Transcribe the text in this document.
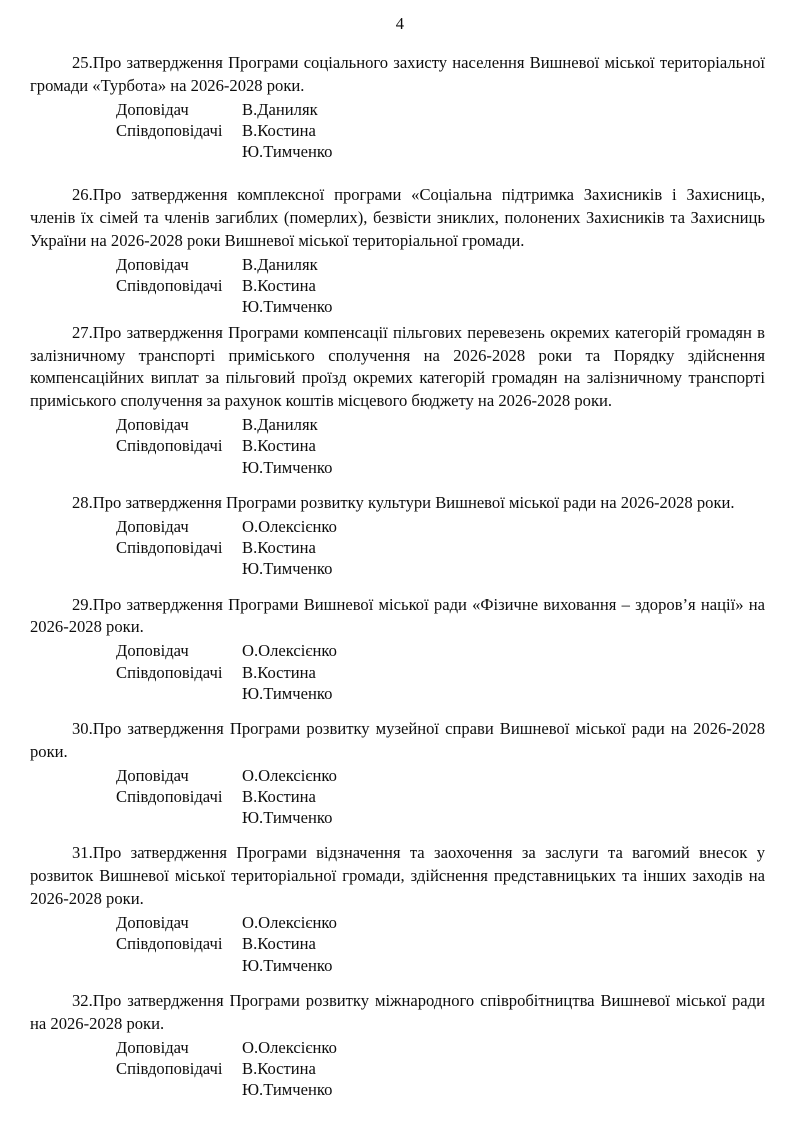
4

25.Про затвердження Програми соціального захисту населення Вишневої міської територіальної громади «Турбота» на 2026-2028 роки.

Доповідач	В.Даниляк
Співдоповідачі	В.Костина
	Ю.Тимченко

26.Про затвердження комплексної програми «Соціальна підтримка Захисників і Захисниць, членів їх сімей та членів загиблих (померлих), безвісти зниклих, полонених Захисників та Захисниць України на 2026-2028 роки Вишневої міської територіальної громади.

Доповідач	В.Даниляк
Співдоповідачі	В.Костина
	Ю.Тимченко

27.Про затвердження Програми компенсації пільгових перевезень окремих категорій громадян в залізничному транспорті приміського сполучення на 2026-2028 роки та Порядку здійснення компенсаційних виплат за пільговий проїзд окремих категорій громадян на залізничному транспорті приміського сполучення за рахунок коштів місцевого бюджету на 2026-2028 роки.

Доповідач	В.Даниляк
Співдоповідачі	В.Костина
	Ю.Тимченко

28.Про затвердження Програми розвитку культури Вишневої міської ради на 2026-2028 роки.

Доповідач	О.Олексієнко
Співдоповідачі	В.Костина
	Ю.Тимченко

29.Про затвердження Програми Вишневої міської ради «Фізичне виховання – здоров’я нації» на 2026-2028 роки.

Доповідач	О.Олексієнко
Співдоповідачі	В.Костина
	Ю.Тимченко

30.Про затвердження Програми розвитку музейної справи Вишневої міської ради на 2026-2028 роки.

Доповідач	О.Олексієнко
Співдоповідачі	В.Костина
	Ю.Тимченко

31.Про затвердження Програми відзначення та заохочення за заслуги та вагомий внесок у розвиток Вишневої міської територіальної громади, здійснення представницьких та інших заходів на 2026-2028 роки.

Доповідач	О.Олексієнко
Співдоповідачі	В.Костина
	Ю.Тимченко

32.Про затвердження Програми розвитку міжнародного співробітництва Вишневої міської ради на 2026-2028 роки.

Доповідач	О.Олексієнко
Співдоповідачі	В.Костина
	Ю.Тимченко
